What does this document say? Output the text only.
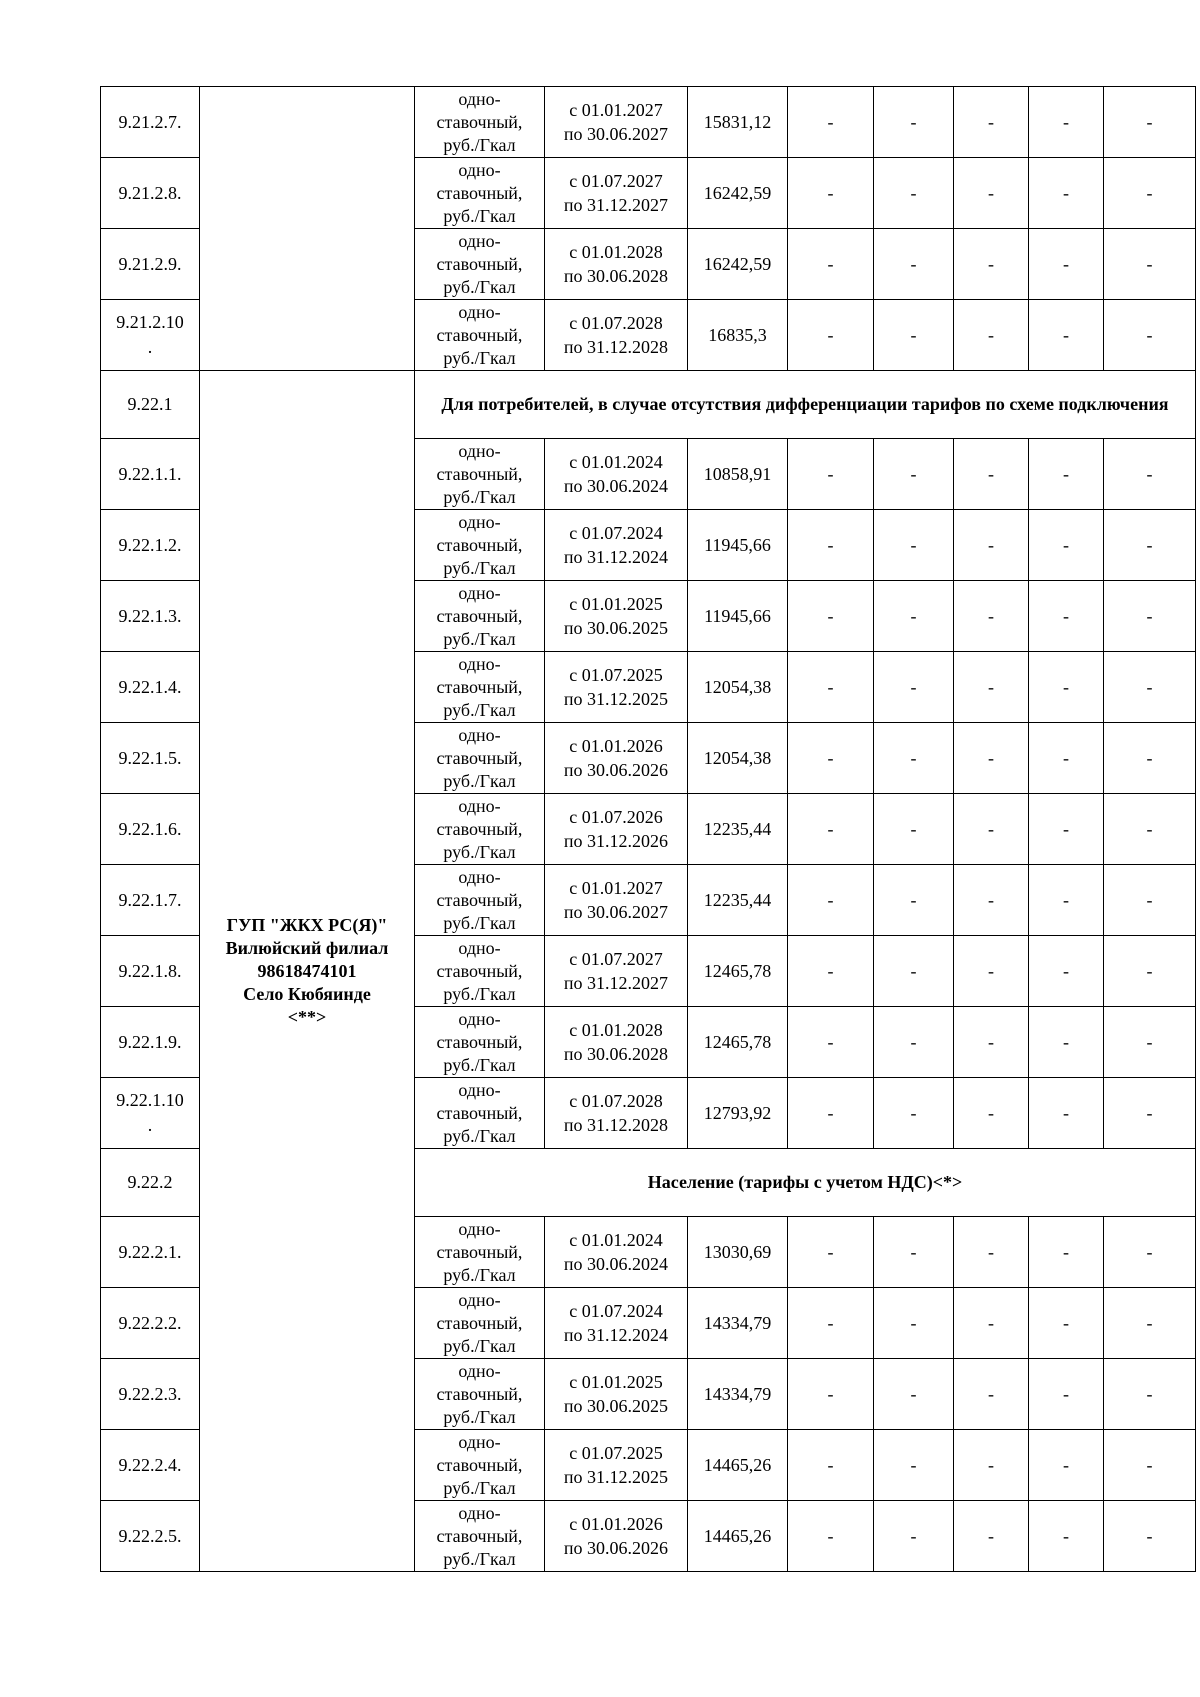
9.21.2.7.		одно-
ставочный,
руб./Гкал	с 01.01.2027
по 30.06.2027	15831,12	-	-	-	-	-

9.21.2.8.		одно-
ставочный,
руб./Гкал	с 01.07.2027
по 31.12.2027	16242,59	-	-	-	-	-

9.21.2.9.		одно-
ставочный,
руб./Гкал	с 01.01.2028
по 30.06.2028	16242,59	-	-	-	-	-

9.21.2.10
.		одно-
ставочный,
руб./Гкал	с 01.07.2028
по 31.12.2028	16835,3	-	-	-	-	-

9.22.1	ГУП "ЖКХ РС(Я)"
Вилюйский филиал
98618474101
Село Кюбяинде
<**>	Для потребителей, в случае отсутствия дифференциации тарифов по схеме подключения							

9.22.1.1.		одно-
ставочный,
руб./Гкал	с 01.01.2024
по 30.06.2024	10858,91	-	-	-	-	-

9.22.1.2.		одно-
ставочный,
руб./Гкал	с 01.07.2024
по 31.12.2024	11945,66	-	-	-	-	-

9.22.1.3.		одно-
ставочный,
руб./Гкал	с 01.01.2025
по 30.06.2025	11945,66	-	-	-	-	-

9.22.1.4.		одно-
ставочный,
руб./Гкал	с 01.07.2025
по 31.12.2025	12054,38	-	-	-	-	-

9.22.1.5.		одно-
ставочный,
руб./Гкал	с 01.01.2026
по 30.06.2026	12054,38	-	-	-	-	-

9.22.1.6.		одно-
ставочный,
руб./Гкал	с 01.07.2026
по 31.12.2026	12235,44	-	-	-	-	-

9.22.1.7.		одно-
ставочный,
руб./Гкал	с 01.01.2027
по 30.06.2027	12235,44	-	-	-	-	-

9.22.1.8.		одно-
ставочный,
руб./Гкал	с 01.07.2027
по 31.12.2027	12465,78	-	-	-	-	-

9.22.1.9.		одно-
ставочный,
руб./Гкал	с 01.01.2028
по 30.06.2028	12465,78	-	-	-	-	-

9.22.1.10
.		одно-
ставочный,
руб./Гкал	с 01.07.2028
по 31.12.2028	12793,92	-	-	-	-	-

9.22.2		Население (тарифы с учетом НДС)<*>							

9.22.2.1.		одно-
ставочный,
руб./Гкал	с 01.01.2024
по 30.06.2024	13030,69	-	-	-	-	-

9.22.2.2.		одно-
ставочный,
руб./Гкал	с 01.07.2024
по 31.12.2024	14334,79	-	-	-	-	-

9.22.2.3.		одно-
ставочный,
руб./Гкал	с 01.01.2025
по 30.06.2025	14334,79	-	-	-	-	-

9.22.2.4.		одно-
ставочный,
руб./Гкал	с 01.07.2025
по 31.12.2025	14465,26	-	-	-	-	-

9.22.2.5.		одно-
ставочный,
руб./Гкал	с 01.01.2026
по 30.06.2026	14465,26	-	-	-	-	-
